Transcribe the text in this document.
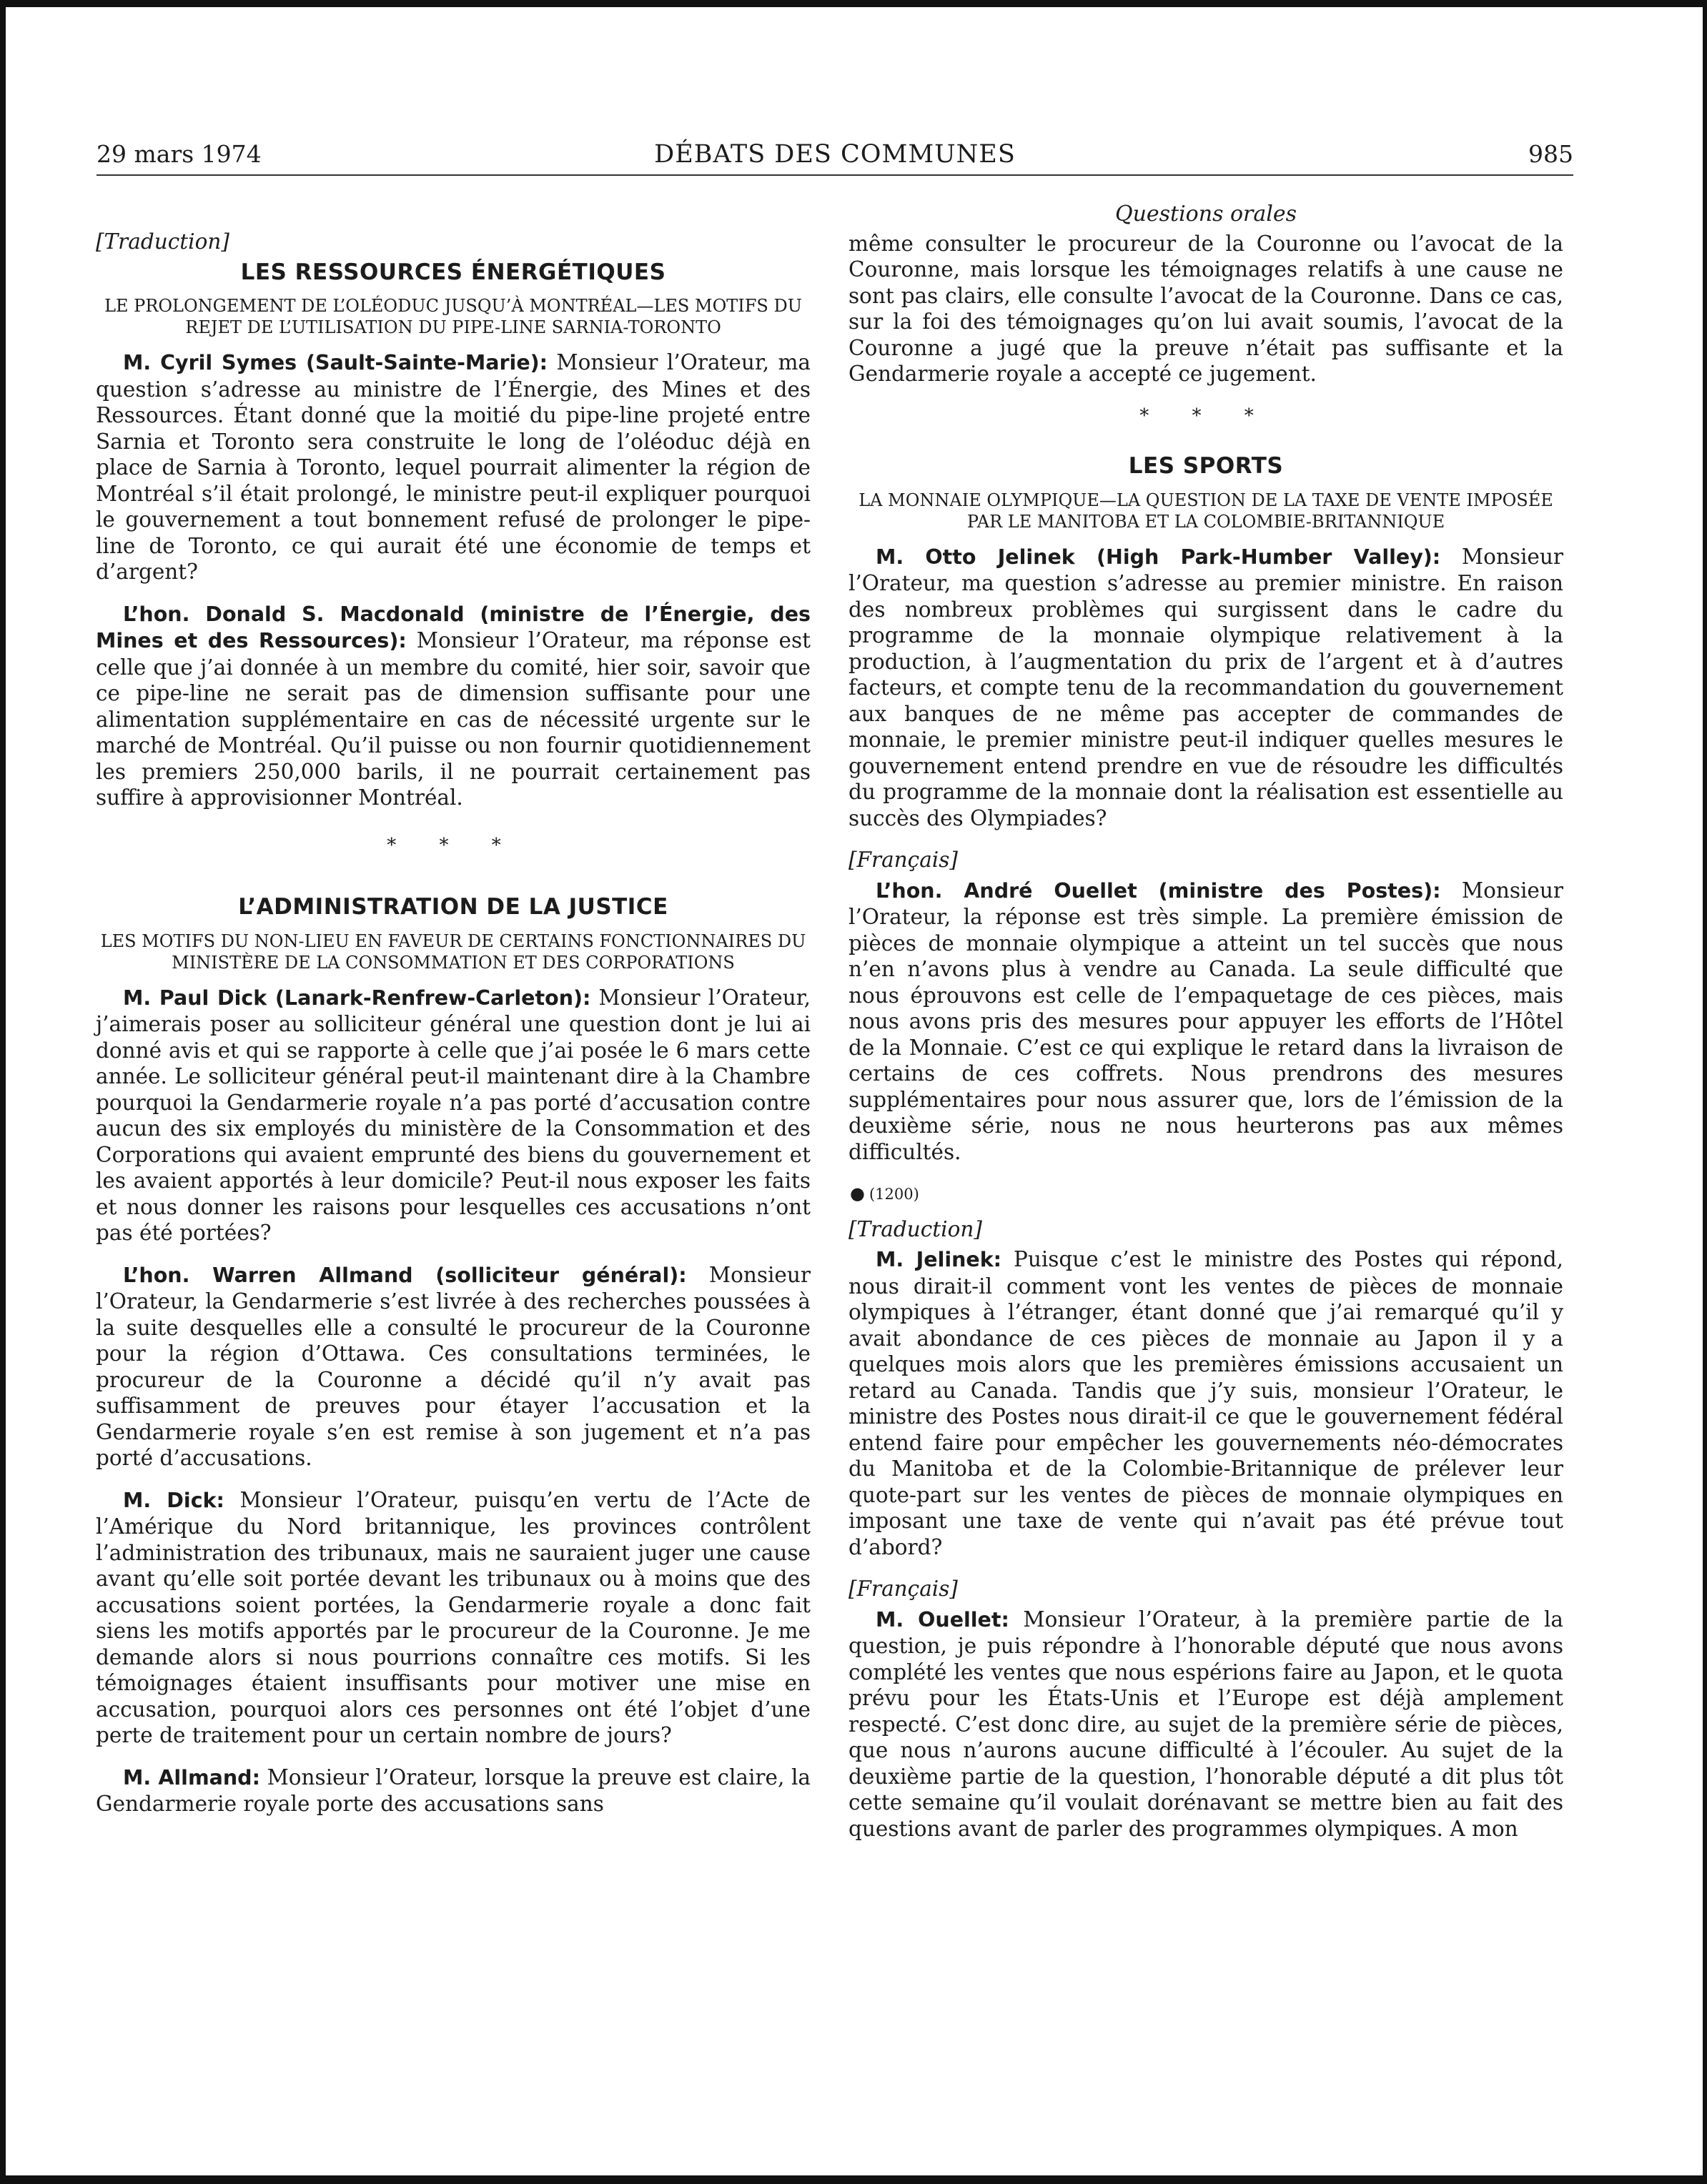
29 mars 1974	DÉBATS DES COMMUNES	985
[Traduction]
LES RESSOURCES ÉNERGÉTIQUES
LE PROLONGEMENT DE L’OLÉODUC JUSQU’À MONTRÉAL—LES MOTIFS DU REJET DE L’UTILISATION DU PIPE-LINE SARNIA-TORONTO

M. Cyril Symes (Sault-Sainte-Marie): Monsieur l’Orateur, ma question s’adresse au ministre de l’Énergie, des Mines et des Ressources. Étant donné que la moitié du pipe-line projeté entre Sarnia et Toronto sera construite le long de l’oléoduc déjà en place de Sarnia à Toronto, lequel pourrait alimenter la région de Montréal s’il était prolongé, le ministre peut-il expliquer pourquoi le gouvernement a tout bonnement refusé de prolonger le pipe-line de Toronto, ce qui aurait été une économie de temps et d’argent?

L’hon. Donald S. Macdonald (ministre de l’Énergie, des Mines et des Ressources): Monsieur l’Orateur, ma réponse est celle que j’ai donnée à un membre du comité, hier soir, savoir que ce pipe-line ne serait pas de dimension suffisante pour une alimentation supplémentaire en cas de nécessité urgente sur le marché de Montréal. Qu’il puisse ou non fournir quotidiennement les premiers 250,000 barils, il ne pourrait certainement pas suffire à approvisionner Montréal.

* * *
L’ADMINISTRATION DE LA JUSTICE
LES MOTIFS DU NON-LIEU EN FAVEUR DE CERTAINS FONCTIONNAIRES DU MINISTÈRE DE LA CONSOMMATION ET DES CORPORATIONS

M. Paul Dick (Lanark-Renfrew-Carleton): Monsieur l’Orateur, j’aimerais poser au solliciteur général une question dont je lui ai donné avis et qui se rapporte à celle que j’ai posée le 6 mars cette année. Le solliciteur général peut-il maintenant dire à la Chambre pourquoi la Gendarmerie royale n’a pas porté d’accusation contre aucun des six employés du ministère de la Consommation et des Corporations qui avaient emprunté des biens du gouvernement et les avaient apportés à leur domicile? Peut-il nous exposer les faits et nous donner les raisons pour lesquelles ces accusations n’ont pas été portées?

L’hon. Warren Allmand (solliciteur général): Monsieur l’Orateur, la Gendarmerie s’est livrée à des recherches poussées à la suite desquelles elle a consulté le procureur de la Couronne pour la région d’Ottawa. Ces consultations terminées, le procureur de la Couronne a décidé qu’il n’y avait pas suffisamment de preuves pour étayer l’accusation et la Gendarmerie royale s’en est remise à son jugement et n’a pas porté d’accusations.

M. Dick: Monsieur l’Orateur, puisqu’en vertu de l’Acte de l’Amérique du Nord britannique, les provinces contrôlent l’administration des tribunaux, mais ne sauraient juger une cause avant qu’elle soit portée devant les tribunaux ou à moins que des accusations soient portées, la Gendarmerie royale a donc fait siens les motifs apportés par le procureur de la Couronne. Je me demande alors si nous pourrions connaître ces motifs. Si les témoignages étaient insuffisants pour motiver une mise en accusation, pourquoi alors ces personnes ont été l’objet d’une perte de traitement pour un certain nombre de jours?

M. Allmand: Monsieur l’Orateur, lorsque la preuve est claire, la Gendarmerie royale porte des accusations sans

Questions orales

même consulter le procureur de la Couronne ou l’avocat de la Couronne, mais lorsque les témoignages relatifs à une cause ne sont pas clairs, elle consulte l’avocat de la Couronne. Dans ce cas, sur la foi des témoignages qu’on lui avait soumis, l’avocat de la Couronne a jugé que la preuve n’était pas suffisante et la Gendarmerie royale a accepté ce jugement.

* * *
LES SPORTS
LA MONNAIE OLYMPIQUE—LA QUESTION DE LA TAXE DE VENTE IMPOSÉE PAR LE MANITOBA ET LA COLOMBIE-BRITANNIQUE

M. Otto Jelinek (High Park-Humber Valley): Monsieur l’Orateur, ma question s’adresse au premier ministre. En raison des nombreux problèmes qui surgissent dans le cadre du programme de la monnaie olympique relativement à la production, à l’augmentation du prix de l’argent et à d’autres facteurs, et compte tenu de la recommandation du gouvernement aux banques de ne même pas accepter de commandes de monnaie, le premier ministre peut-il indiquer quelles mesures le gouvernement entend prendre en vue de résoudre les difficultés du programme de la monnaie dont la réalisation est essentielle au succès des Olympiades?

[Français]

L’hon. André Ouellet (ministre des Postes): Monsieur l’Orateur, la réponse est très simple. La première émission de pièces de monnaie olympique a atteint un tel succès que nous n’en n’avons plus à vendre au Canada. La seule difficulté que nous éprouvons est celle de l’empaquetage de ces pièces, mais nous avons pris des mesures pour appuyer les efforts de l’Hôtel de la Monnaie. C’est ce qui explique le retard dans la livraison de certains de ces coffrets. Nous prendrons des mesures supplémentaires pour nous assurer que, lors de l’émission de la deuxième série, nous ne nous heurterons pas aux mêmes difficultés.

● (1200)
[Traduction]

M. Jelinek: Puisque c’est le ministre des Postes qui répond, nous dirait-il comment vont les ventes de pièces de monnaie olympiques à l’étranger, étant donné que j’ai remarqué qu’il y avait abondance de ces pièces de monnaie au Japon il y a quelques mois alors que les premières émissions accusaient un retard au Canada. Tandis que j’y suis, monsieur l’Orateur, le ministre des Postes nous dirait-il ce que le gouvernement fédéral entend faire pour empêcher les gouvernements néo-démocrates du Manitoba et de la Colombie-Britannique de prélever leur quote-part sur les ventes de pièces de monnaie olympiques en imposant une taxe de vente qui n’avait pas été prévue tout d’abord?

[Français]

M. Ouellet: Monsieur l’Orateur, à la première partie de la question, je puis répondre à l’honorable député que nous avons complété les ventes que nous espérions faire au Japon, et le quota prévu pour les États-Unis et l’Europe est déjà amplement respecté. C’est donc dire, au sujet de la première série de pièces, que nous n’aurons aucune difficulté à l’écouler. Au sujet de la deuxième partie de la question, l’honorable député a dit plus tôt cette semaine qu’il voulait dorénavant se mettre bien au fait des questions avant de parler des programmes olympiques. A mon
